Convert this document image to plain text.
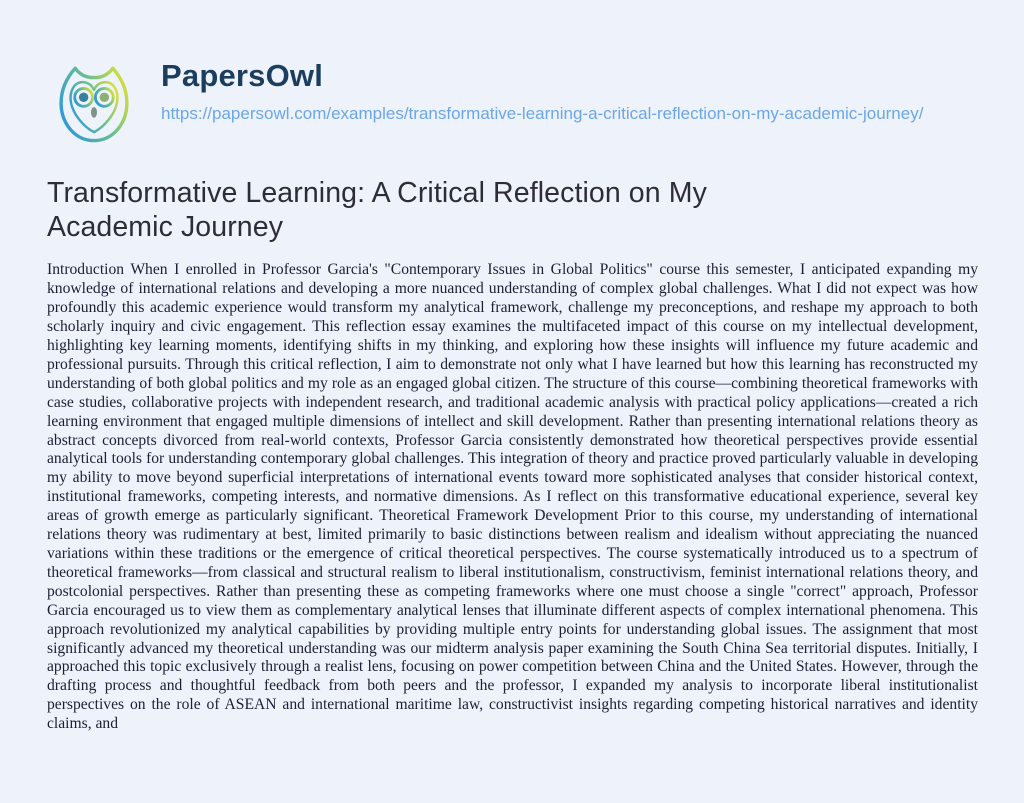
PapersOwl
https://papersowl.com/examples/transformative-learning-a-critical-reflection-on-my-academic-journey/
Transformative Learning: A Critical Reflection on My Academic Journey

Introduction When I enrolled in Professor Garcia's "Contemporary Issues in Global Politics" course this semester, I anticipated expanding my knowledge of international relations and developing a more nuanced understanding of complex global challenges. What I did not expect was how profoundly this academic experience would transform my analytical framework, challenge my preconceptions, and reshape my approach to both scholarly inquiry and civic engagement. This reflection essay examines the multifaceted impact of this course on my intellectual development, highlighting key learning moments, identifying shifts in my thinking, and exploring how these insights will influence my future academic and professional pursuits. Through this critical reflection, I aim to demonstrate not only what I have learned but how this learning has reconstructed my understanding of both global politics and my role as an engaged global citizen. The structure of this course—combining theoretical frameworks with case studies, collaborative projects with independent research, and traditional academic analysis with practical policy applications—created a rich learning environment that engaged multiple dimensions of intellect and skill development. Rather than presenting international relations theory as abstract concepts divorced from real-world contexts, Professor Garcia consistently demonstrated how theoretical perspectives provide essential analytical tools for understanding contemporary global challenges. This integration of theory and practice proved particularly valuable in developing my ability to move beyond superficial interpretations of international events toward more sophisticated analyses that consider historical context, institutional frameworks, competing interests, and normative dimensions. As I reflect on this transformative educational experience, several key areas of growth emerge as particularly significant. Theoretical Framework Development Prior to this course, my understanding of international relations theory was rudimentary at best, limited primarily to basic distinctions between realism and idealism without appreciating the nuanced variations within these traditions or the emergence of critical theoretical perspectives. The course systematically introduced us to a spectrum of theoretical frameworks—from classical and structural realism to liberal institutionalism, constructivism, feminist international relations theory, and postcolonial perspectives. Rather than presenting these as competing frameworks where one must choose a single "correct" approach, Professor Garcia encouraged us to view them as complementary analytical lenses that illuminate different aspects of complex international phenomena. This approach revolutionized my analytical capabilities by providing multiple entry points for understanding global issues. The assignment that most significantly advanced my theoretical understanding was our midterm analysis paper examining the South China Sea territorial disputes. Initially, I approached this topic exclusively through a realist lens, focusing on power competition between China and the United States. However, through the drafting process and thoughtful feedback from both peers and the professor, I expanded my analysis to incorporate liberal institutionalist perspectives on the role of ASEAN and international maritime law, constructivist insights regarding competing historical narratives and identity claims, and
